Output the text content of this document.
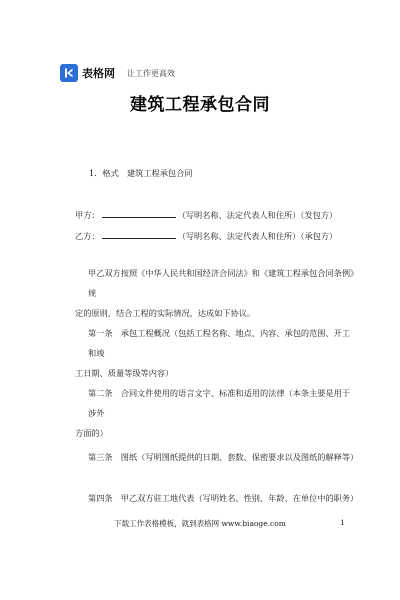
表格网 让工作更高效
建筑工程承包合同
1．格式　建筑工程承包合同
甲方：	（写明名称、法定代表人和住所）（发包方）
乙方：	（写明名称、法定代表人和住所）（承包方）
甲乙双方按照《中华人民共和国经济合同法》和《建筑工程承包合同条例》规
定的原则，结合工程的实际情况，达成如下协议。
第一条　承包工程概况（包括工程名称、地点、内容、承包的范围、开工和竣
工日期、质量等级等内容）
第二条　合同文件使用的语言文字、标准和适用的法律（本条主要是用于涉外
方面的）
第三条　图纸（写明图纸提供的日期、套数、保密要求以及图纸的解释等）
第四条　甲乙双方驻工地代表（写明姓名、性别、年龄、在单位中的职务）
下载工作表格模板，就到表格网 www.biaoge.com	1
